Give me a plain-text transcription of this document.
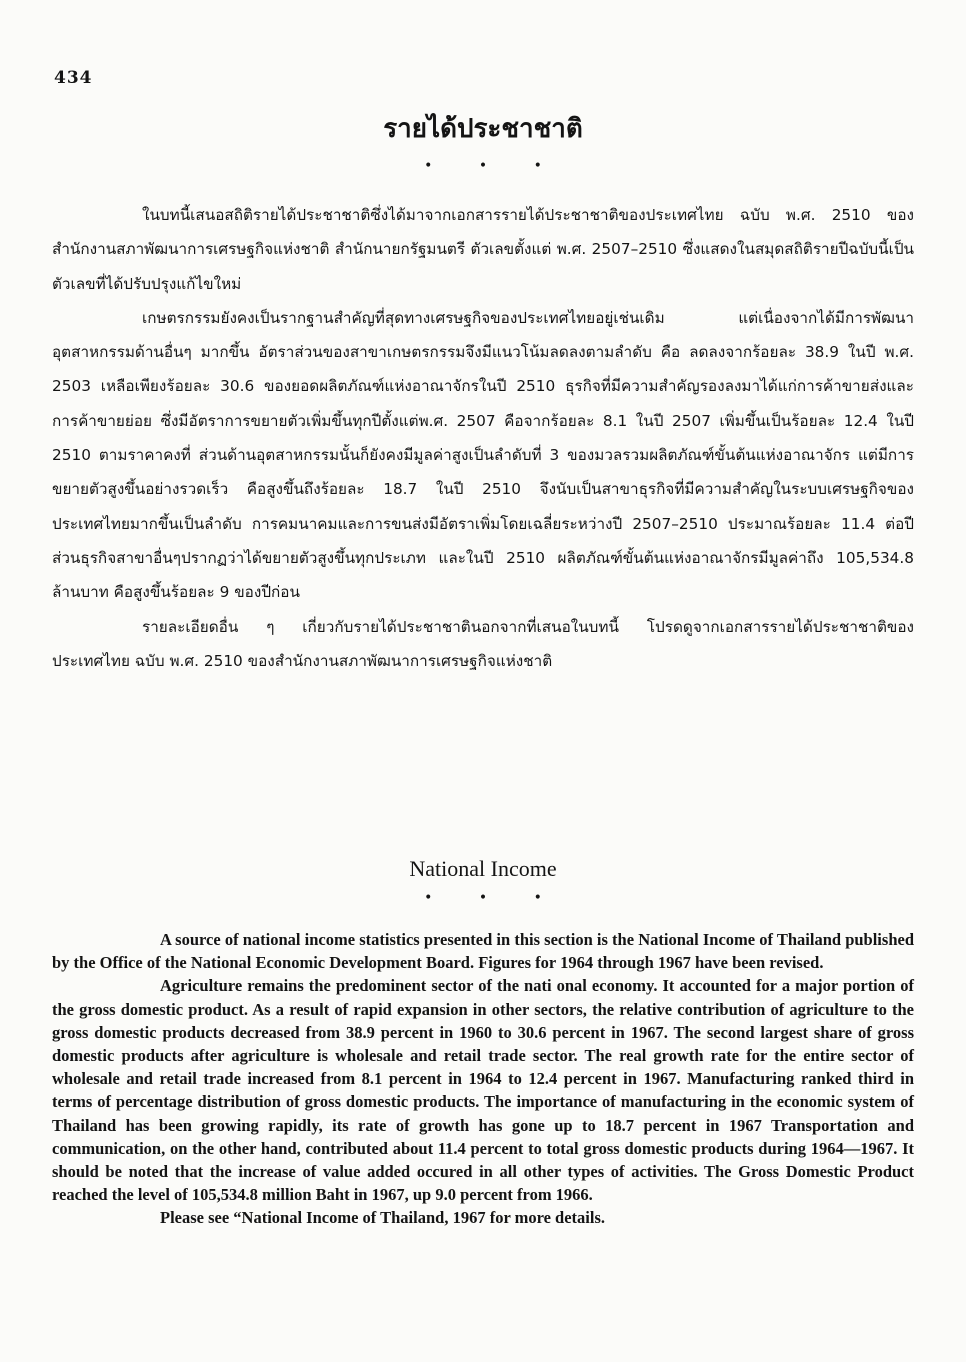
434
รายได้ประชาชาติ
• • •

ในบทนี้เสนอสถิติรายได้ประชาชาติซึ่งได้มาจากเอกสารรายได้ประชาชาติของประเทศไทย ฉบับ พ.ศ. 2510 ของสำนักงานสภาพัฒนาการเศรษฐกิจแห่งชาติ สำนักนายกรัฐมนตรี ตัวเลขตั้งแต่ พ.ศ. 2507–2510 ซึ่งแสดงในสมุดสถิติรายปีฉบับนี้เป็นตัวเลขที่ได้ปรับปรุงแก้ไขใหม่

เกษตรกรรมยังคงเป็นรากฐานสำคัญที่สุดทางเศรษฐกิจของประเทศไทยอยู่เช่นเดิม แต่เนื่องจากได้มีการพัฒนาอุตสาหกรรมด้านอื่นๆ มากขึ้น อัตราส่วนของสาขาเกษตรกรรมจึงมีแนวโน้มลดลงตามลำดับ คือ ลดลงจากร้อยละ 38.9 ในปี พ.ศ. 2503 เหลือเพียงร้อยละ 30.6 ของยอดผลิตภัณฑ์แห่งอาณาจักรในปี 2510 ธุรกิจที่มีความสำคัญรองลงมาได้แก่การค้าขายส่งและการค้าขายย่อย ซึ่งมีอัตราการขยายตัวเพิ่มขึ้นทุกปีตั้งแต่พ.ศ. 2507 คือจากร้อยละ 8.1 ในปี 2507 เพิ่มขึ้นเป็นร้อยละ 12.4 ในปี 2510 ตามราคาคงที่ ส่วนด้านอุตสาหกรรมนั้นก็ยังคงมีมูลค่าสูงเป็นลำดับที่ 3 ของมวลรวมผลิตภัณฑ์ขั้นต้นแห่งอาณาจักร แต่มีการขยายตัวสูงขึ้นอย่างรวดเร็ว คือสูงขึ้นถึงร้อยละ 18.7 ในปี 2510 จึงนับเป็นสาขาธุรกิจที่มีความสำคัญในระบบเศรษฐกิจของประเทศไทยมากขึ้นเป็นลำดับ การคมนาคมและการขนส่งมีอัตราเพิ่มโดยเฉลี่ยระหว่างปี 2507–2510 ประมาณร้อยละ 11.4 ต่อปี ส่วนธุรกิจสาขาอื่นๆปรากฏว่าได้ขยายตัวสูงขึ้นทุกประเภท และในปี 2510 ผลิตภัณฑ์ขั้นต้นแห่งอาณาจักรมีมูลค่าถึง 105,534.8 ล้านบาท คือสูงขึ้นร้อยละ 9 ของปีก่อน

รายละเอียดอื่น ๆ เกี่ยวกับรายได้ประชาชาตินอกจากที่เสนอในบทนี้ โปรดดูจากเอกสารรายได้ประชาชาติของประเทศไทย ฉบับ พ.ศ. 2510 ของสำนักงานสภาพัฒนาการเศรษฐกิจแห่งชาติ

National Income
• • •

A source of national income statistics presented in this section is the National Income of Thailand published by the Office of the National Economic Development Board. Figures for 1964 through 1967 have been revised.

Agriculture remains the predominent sector of the nati onal economy. It accounted for a major portion of the gross domestic product. As a result of rapid expansion in other sectors, the relative contribution of agriculture to the gross domestic products decreased from 38.9 percent in 1960 to 30.6 percent in 1967. The second largest share of gross domestic products after agriculture is wholesale and retail trade sector. The real growth rate for the entire sector of wholesale and retail trade increased from 8.1 percent in 1964 to 12.4 percent in 1967. Manufacturing ranked third in terms of percentage distribution of gross domestic products. The importance of manufacturing in the economic system of Thailand has been growing rapidly, its rate of growth has gone up to 18.7 percent in 1967 Transportation and communication, on the other hand, contributed about 11.4 percent to total gross domestic products during 1964—1967. It should be noted that the increase of value added occured in all other types of activities. The Gross Domestic Product reached the level of 105,534.8 million Baht in 1967, up 9.0 percent from 1966.

Please see “National Income of Thailand, 1967 for more details.
